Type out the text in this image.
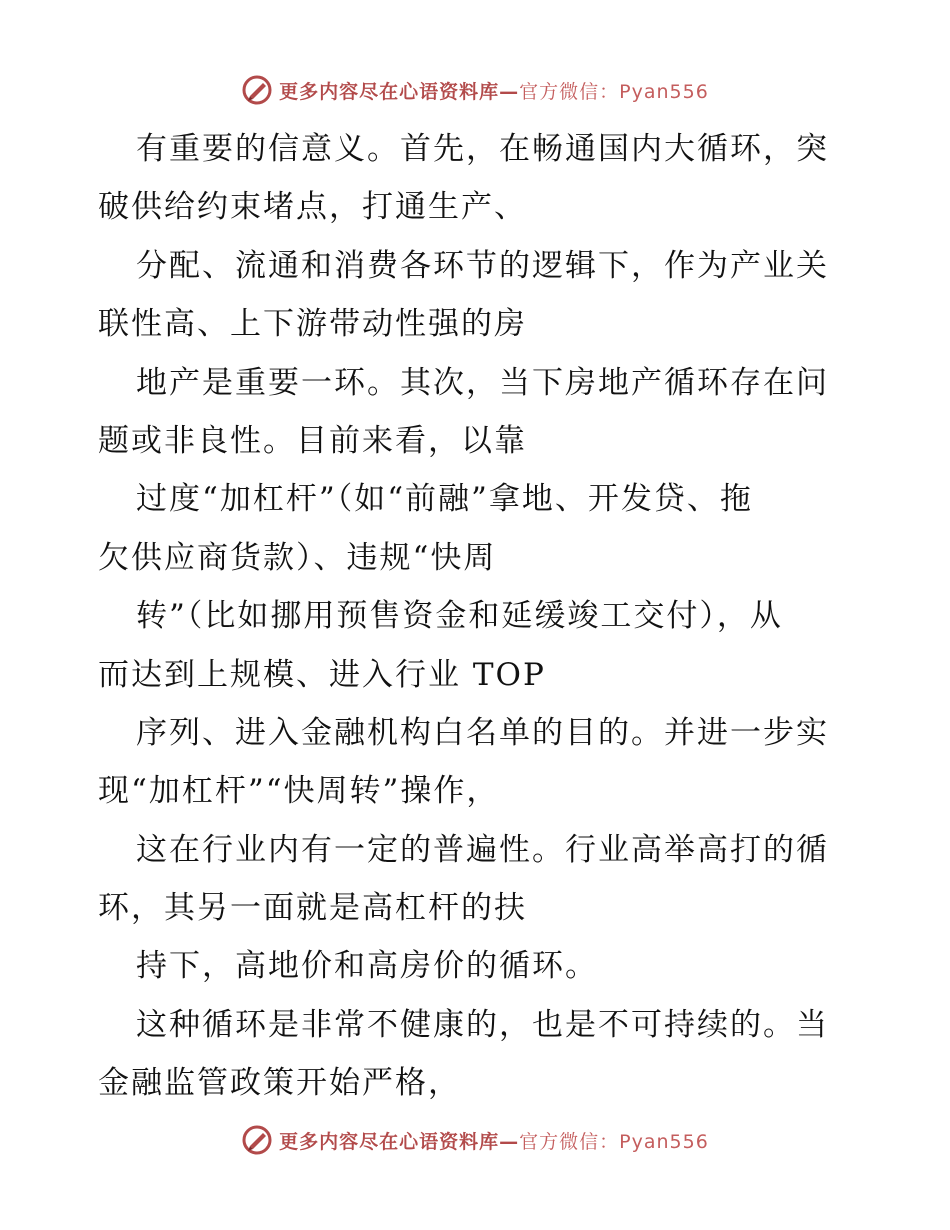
更多内容尽在心语资料库—官方微信：Pyan556
有重要的信意义。首先，在畅通国内大循环，突
破供给约束堵点，打通生产、
分配、流通和消费各环节的逻辑下，作为产业关
联性高、上下游带动性强的房
地产是重要一环。其次，当下房地产循环存在问
题或非良性。目前来看，以靠
过度“加杠杆”（如“前融”拿地、开发贷、拖
欠供应商货款）、违规“快周
转”（比如挪用预售资金和延缓竣工交付），从
而达到上规模、进入行业 TOP
序列、进入金融机构白名单的目的。并进一步实
现“加杠杆”“快周转”操作，
这在行业内有一定的普遍性。行业高举高打的循
环，其另一面就是高杠杆的扶
持下，高地价和高房价的循环。
这种循环是非常不健康的，也是不可持续的。当
金融监管政策开始严格，
更多内容尽在心语资料库—官方微信：Pyan556
